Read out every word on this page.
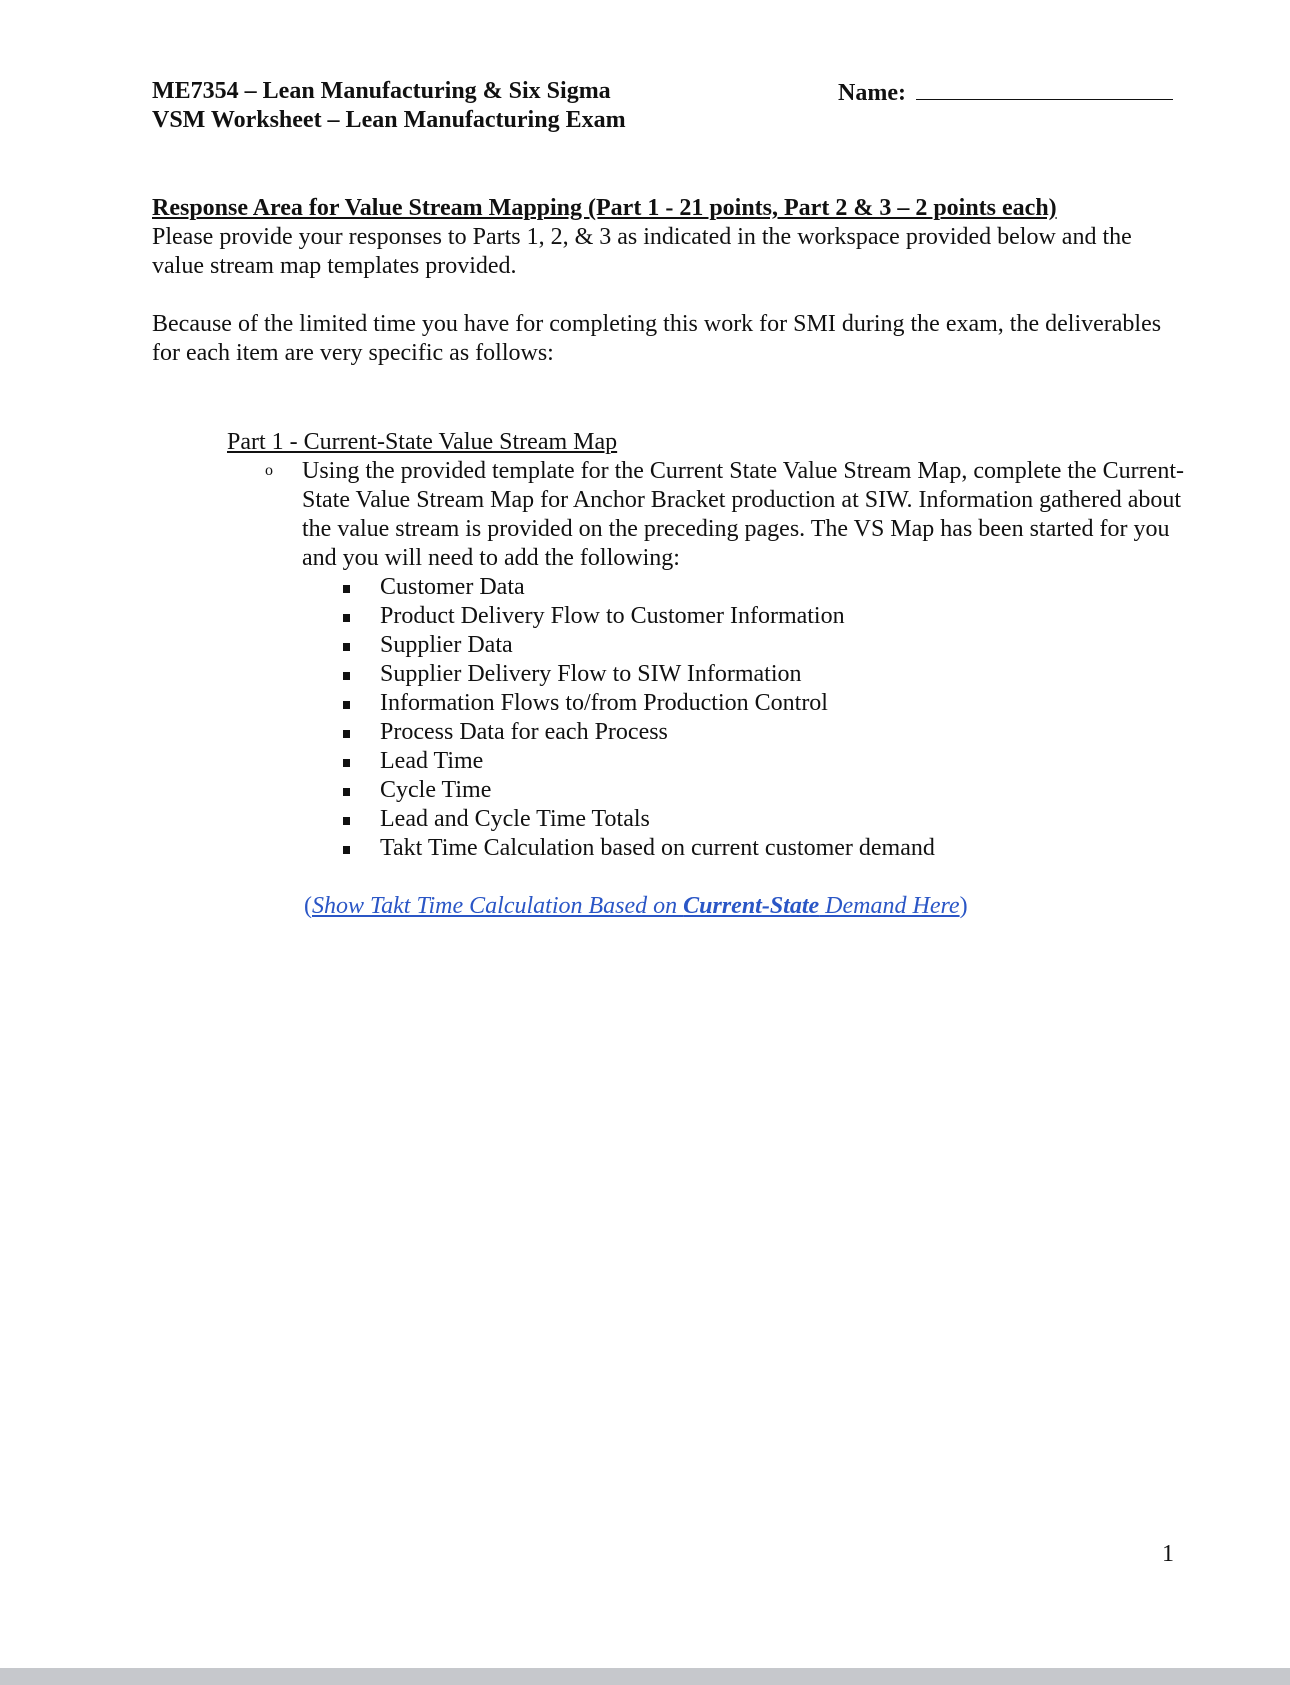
ME7354 – Lean Manufacturing & Six Sigma
VSM Worksheet – Lean Manufacturing Exam
Name:
Response Area for Value Stream Mapping (Part 1 - 21 points, Part 2 & 3 – 2 points each)

Please provide your responses to Parts 1, 2, & 3 as indicated in the workspace provided below and the value stream map templates provided.

Because of the limited time you have for completing this work for SMI during the exam, the deliverables for each item are very specific as follows:

Part 1 - Current-State Value Stream Map
o Using the provided template for the Current State Value Stream Map, complete the Current-State Value Stream Map for Anchor Bracket production at SIW. Information gathered about the value stream is provided on the preceding pages. The VS Map has been started for you and you will need to add the following:
Customer Data
Product Delivery Flow to Customer Information
Supplier Data
Supplier Delivery Flow to SIW Information
Information Flows to/from Production Control
Process Data for each Process
Lead Time
Cycle Time
Lead and Cycle Time Totals
Takt Time Calculation based on current customer demand
(Show Takt Time Calculation Based on Current-State Demand Here)
1
